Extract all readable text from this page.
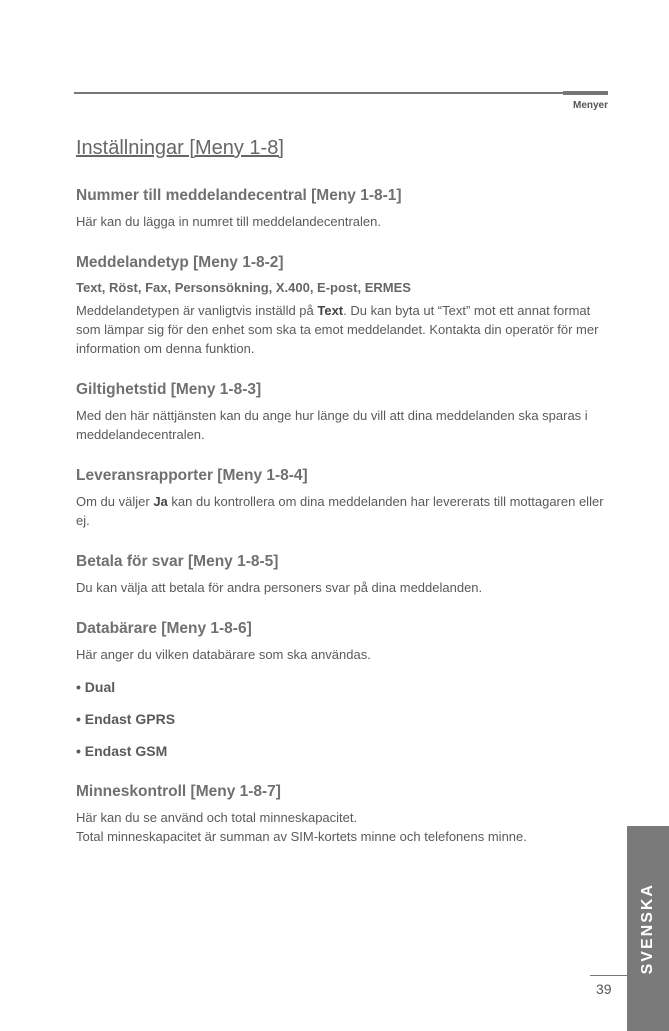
Menyer
Inställningar [Meny 1-8]
Nummer till meddelandecentral [Meny 1-8-1]

Här kan du lägga in numret till meddelandecentralen.

Meddelandetyp [Meny 1-8-2]
Text, Röst, Fax, Personsökning, X.400, E-post, ERMES

Meddelandetypen är vanligtvis inställd på Text. Du kan byta ut “Text” mot ett annat format som lämpar sig för den enhet som ska ta emot meddelandet. Kontakta din operatör för mer information om denna funktion.

Giltighetstid [Meny 1-8-3]

Med den här nättjänsten kan du ange hur länge du vill att dina meddelanden ska sparas i meddelandecentralen.

Leveransrapporter [Meny 1-8-4]

Om du väljer Ja kan du kontrollera om dina meddelanden har levererats till mottagaren eller ej.

Betala för svar [Meny 1-8-5]

Du kan välja att betala för andra personers svar på dina meddelanden.

Databärare [Meny 1-8-6]

Här anger du vilken databärare som ska användas.

• Dual
• Endast GPRS
• Endast GSM
Minneskontroll [Meny 1-8-7]

Här kan du se använd och total minneskapacitet.

Total minneskapacitet är summan av SIM-kortets minne och telefonens minne.

SVENSKA
39
